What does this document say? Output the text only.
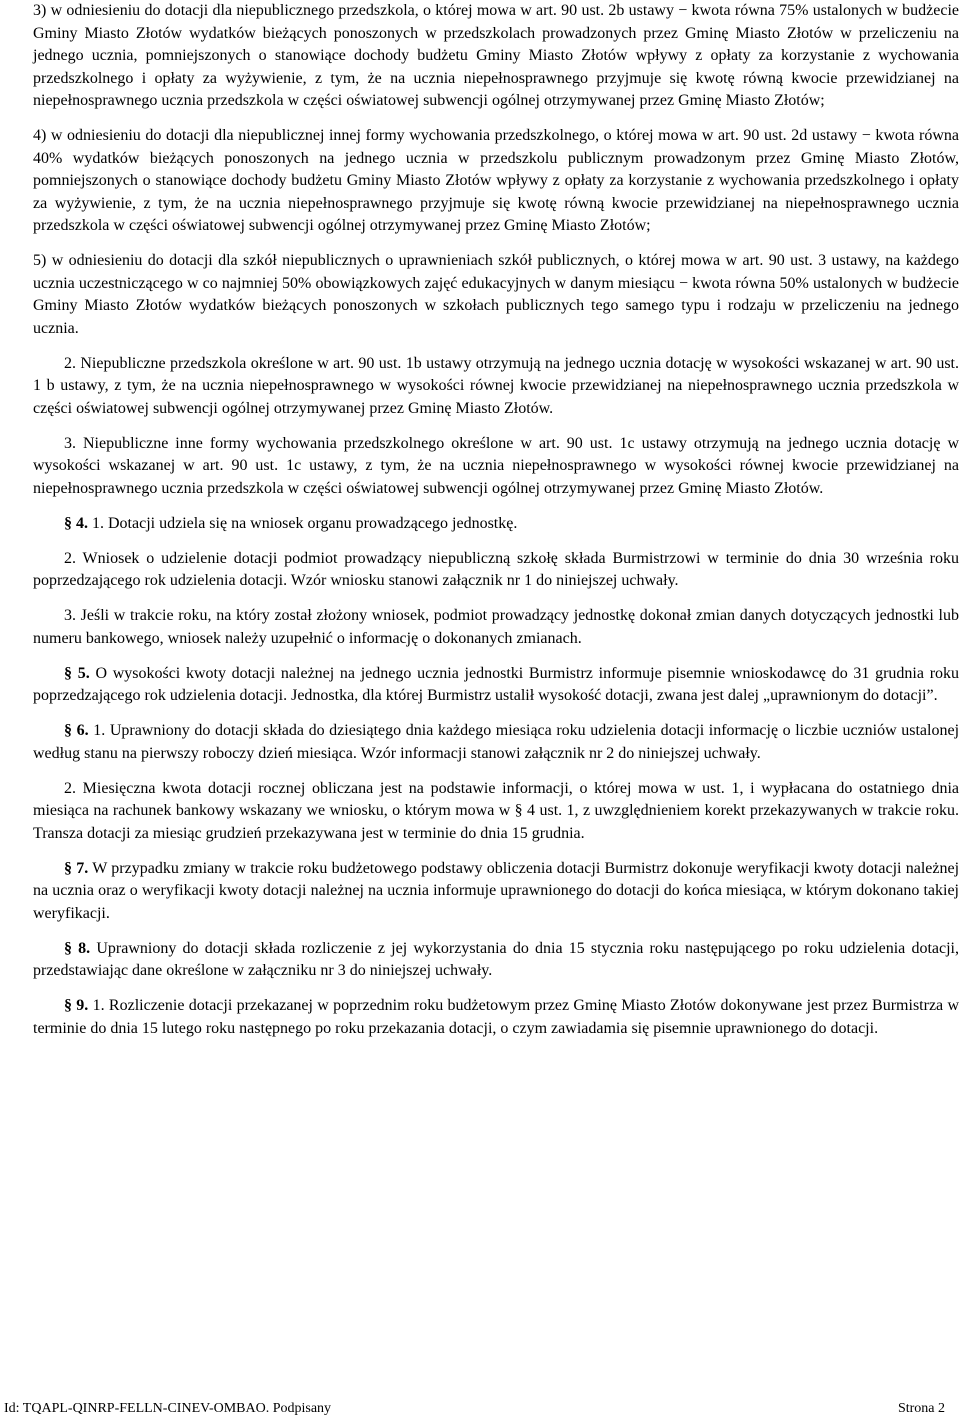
3) w odniesieniu do dotacji dla niepublicznego przedszkola, o której mowa w art. 90 ust. 2b ustawy − kwota równa 75% ustalonych w budżecie Gminy Miasto Złotów wydatków bieżących ponoszonych w przedszkolach prowadzonych przez Gminę Miasto Złotów w przeliczeniu na jednego ucznia, pomniejszonych o stanowiące dochody budżetu Gminy Miasto Złotów wpływy z opłaty za korzystanie z wychowania przedszkolnego i opłaty za wyżywienie, z tym, że na ucznia niepełnosprawnego przyjmuje się kwotę równą kwocie przewidzianej na niepełnosprawnego ucznia przedszkola w części oświatowej subwencji ogólnej otrzymywanej przez Gminę Miasto Złotów;

4) w odniesieniu do dotacji dla niepublicznej innej formy wychowania przedszkolnego, o której mowa w art. 90 ust. 2d ustawy − kwota równa 40% wydatków bieżących ponoszonych na jednego ucznia w przedszkolu publicznym prowadzonym przez Gminę Miasto Złotów, pomniejszonych o stanowiące dochody budżetu Gminy Miasto Złotów wpływy z opłaty za korzystanie z wychowania przedszkolnego i opłaty za wyżywienie, z tym, że na ucznia niepełnosprawnego przyjmuje się kwotę równą kwocie przewidzianej na niepełnosprawnego ucznia przedszkola w części oświatowej subwencji ogólnej otrzymywanej przez Gminę Miasto Złotów;

5) w odniesieniu do dotacji dla szkół niepublicznych o uprawnieniach szkół publicznych, o której mowa w art. 90 ust. 3 ustawy, na każdego ucznia uczestniczącego w co najmniej 50% obowiązkowych zajęć edukacyjnych w danym miesiącu − kwota równa 50% ustalonych w budżecie Gminy Miasto Złotów wydatków bieżących ponoszonych w szkołach publicznych tego samego typu i rodzaju w przeliczeniu na jednego ucznia.

2. Niepubliczne przedszkola określone w art. 90 ust. 1b ustawy otrzymują na jednego ucznia dotację w wysokości wskazanej w art. 90 ust. 1 b ustawy, z tym, że na ucznia niepełnosprawnego w wysokości równej kwocie przewidzianej na niepełnosprawnego ucznia przedszkola w części oświatowej subwencji ogólnej otrzymywanej przez Gminę Miasto Złotów.

3. Niepubliczne inne formy wychowania przedszkolnego określone w art. 90 ust. 1c ustawy otrzymują na jednego ucznia dotację w wysokości wskazanej w art. 90 ust. 1c ustawy, z tym, że na ucznia niepełnosprawnego w wysokości równej kwocie przewidzianej na niepełnosprawnego ucznia przedszkola w części oświatowej subwencji ogólnej otrzymywanej przez Gminę Miasto Złotów.

§ 4. 1. Dotacji udziela się na wniosek organu prowadzącego jednostkę.

2. Wniosek o udzielenie dotacji podmiot prowadzący niepubliczną szkołę składa Burmistrzowi w terminie do dnia 30 września roku poprzedzającego rok udzielenia dotacji. Wzór wniosku stanowi załącznik nr 1 do niniejszej uchwały.

3. Jeśli w trakcie roku, na który został złożony wniosek, podmiot prowadzący jednostkę dokonał zmian danych dotyczących jednostki lub numeru bankowego, wniosek należy uzupełnić o informację o dokonanych zmianach.

§ 5. O wysokości kwoty dotacji należnej na jednego ucznia jednostki Burmistrz informuje pisemnie wnioskodawcę do 31 grudnia roku poprzedzającego rok udzielenia dotacji. Jednostka, dla której Burmistrz ustalił wysokość dotacji, zwana jest dalej „uprawnionym do dotacji”.

§ 6. 1. Uprawniony do dotacji składa do dziesiątego dnia każdego miesiąca roku udzielenia dotacji informację o liczbie uczniów ustalonej według stanu na pierwszy roboczy dzień miesiąca. Wzór informacji stanowi załącznik nr 2 do niniejszej uchwały.

2. Miesięczna kwota dotacji rocznej obliczana jest na podstawie informacji, o której mowa w ust. 1, i wypłacana do ostatniego dnia miesiąca na rachunek bankowy wskazany we wniosku, o którym mowa w § 4 ust. 1, z uwzględnieniem korekt przekazywanych w trakcie roku. Transza dotacji za miesiąc grudzień przekazywana jest w terminie do dnia 15 grudnia.

§ 7. W przypadku zmiany w trakcie roku budżetowego podstawy obliczenia dotacji Burmistrz dokonuje weryfikacji kwoty dotacji należnej na ucznia oraz o weryfikacji kwoty dotacji należnej na ucznia informuje uprawnionego do dotacji do końca miesiąca, w którym dokonano takiej weryfikacji.

§ 8. Uprawniony do dotacji składa rozliczenie z jej wykorzystania do dnia 15 stycznia roku następującego po roku udzielenia dotacji, przedstawiając dane określone w załączniku nr 3 do niniejszej uchwały.

§ 9. 1. Rozliczenie dotacji przekazanej w poprzednim roku budżetowym przez Gminę Miasto Złotów dokonywane jest przez Burmistrza w terminie do dnia 15 lutego roku następnego po roku przekazania dotacji, o czym zawiadamia się pisemnie uprawnionego do dotacji.

Id: TQAPL-QINRP-FELLN-CINEV-OMBAO. Podpisany	Strona 2
